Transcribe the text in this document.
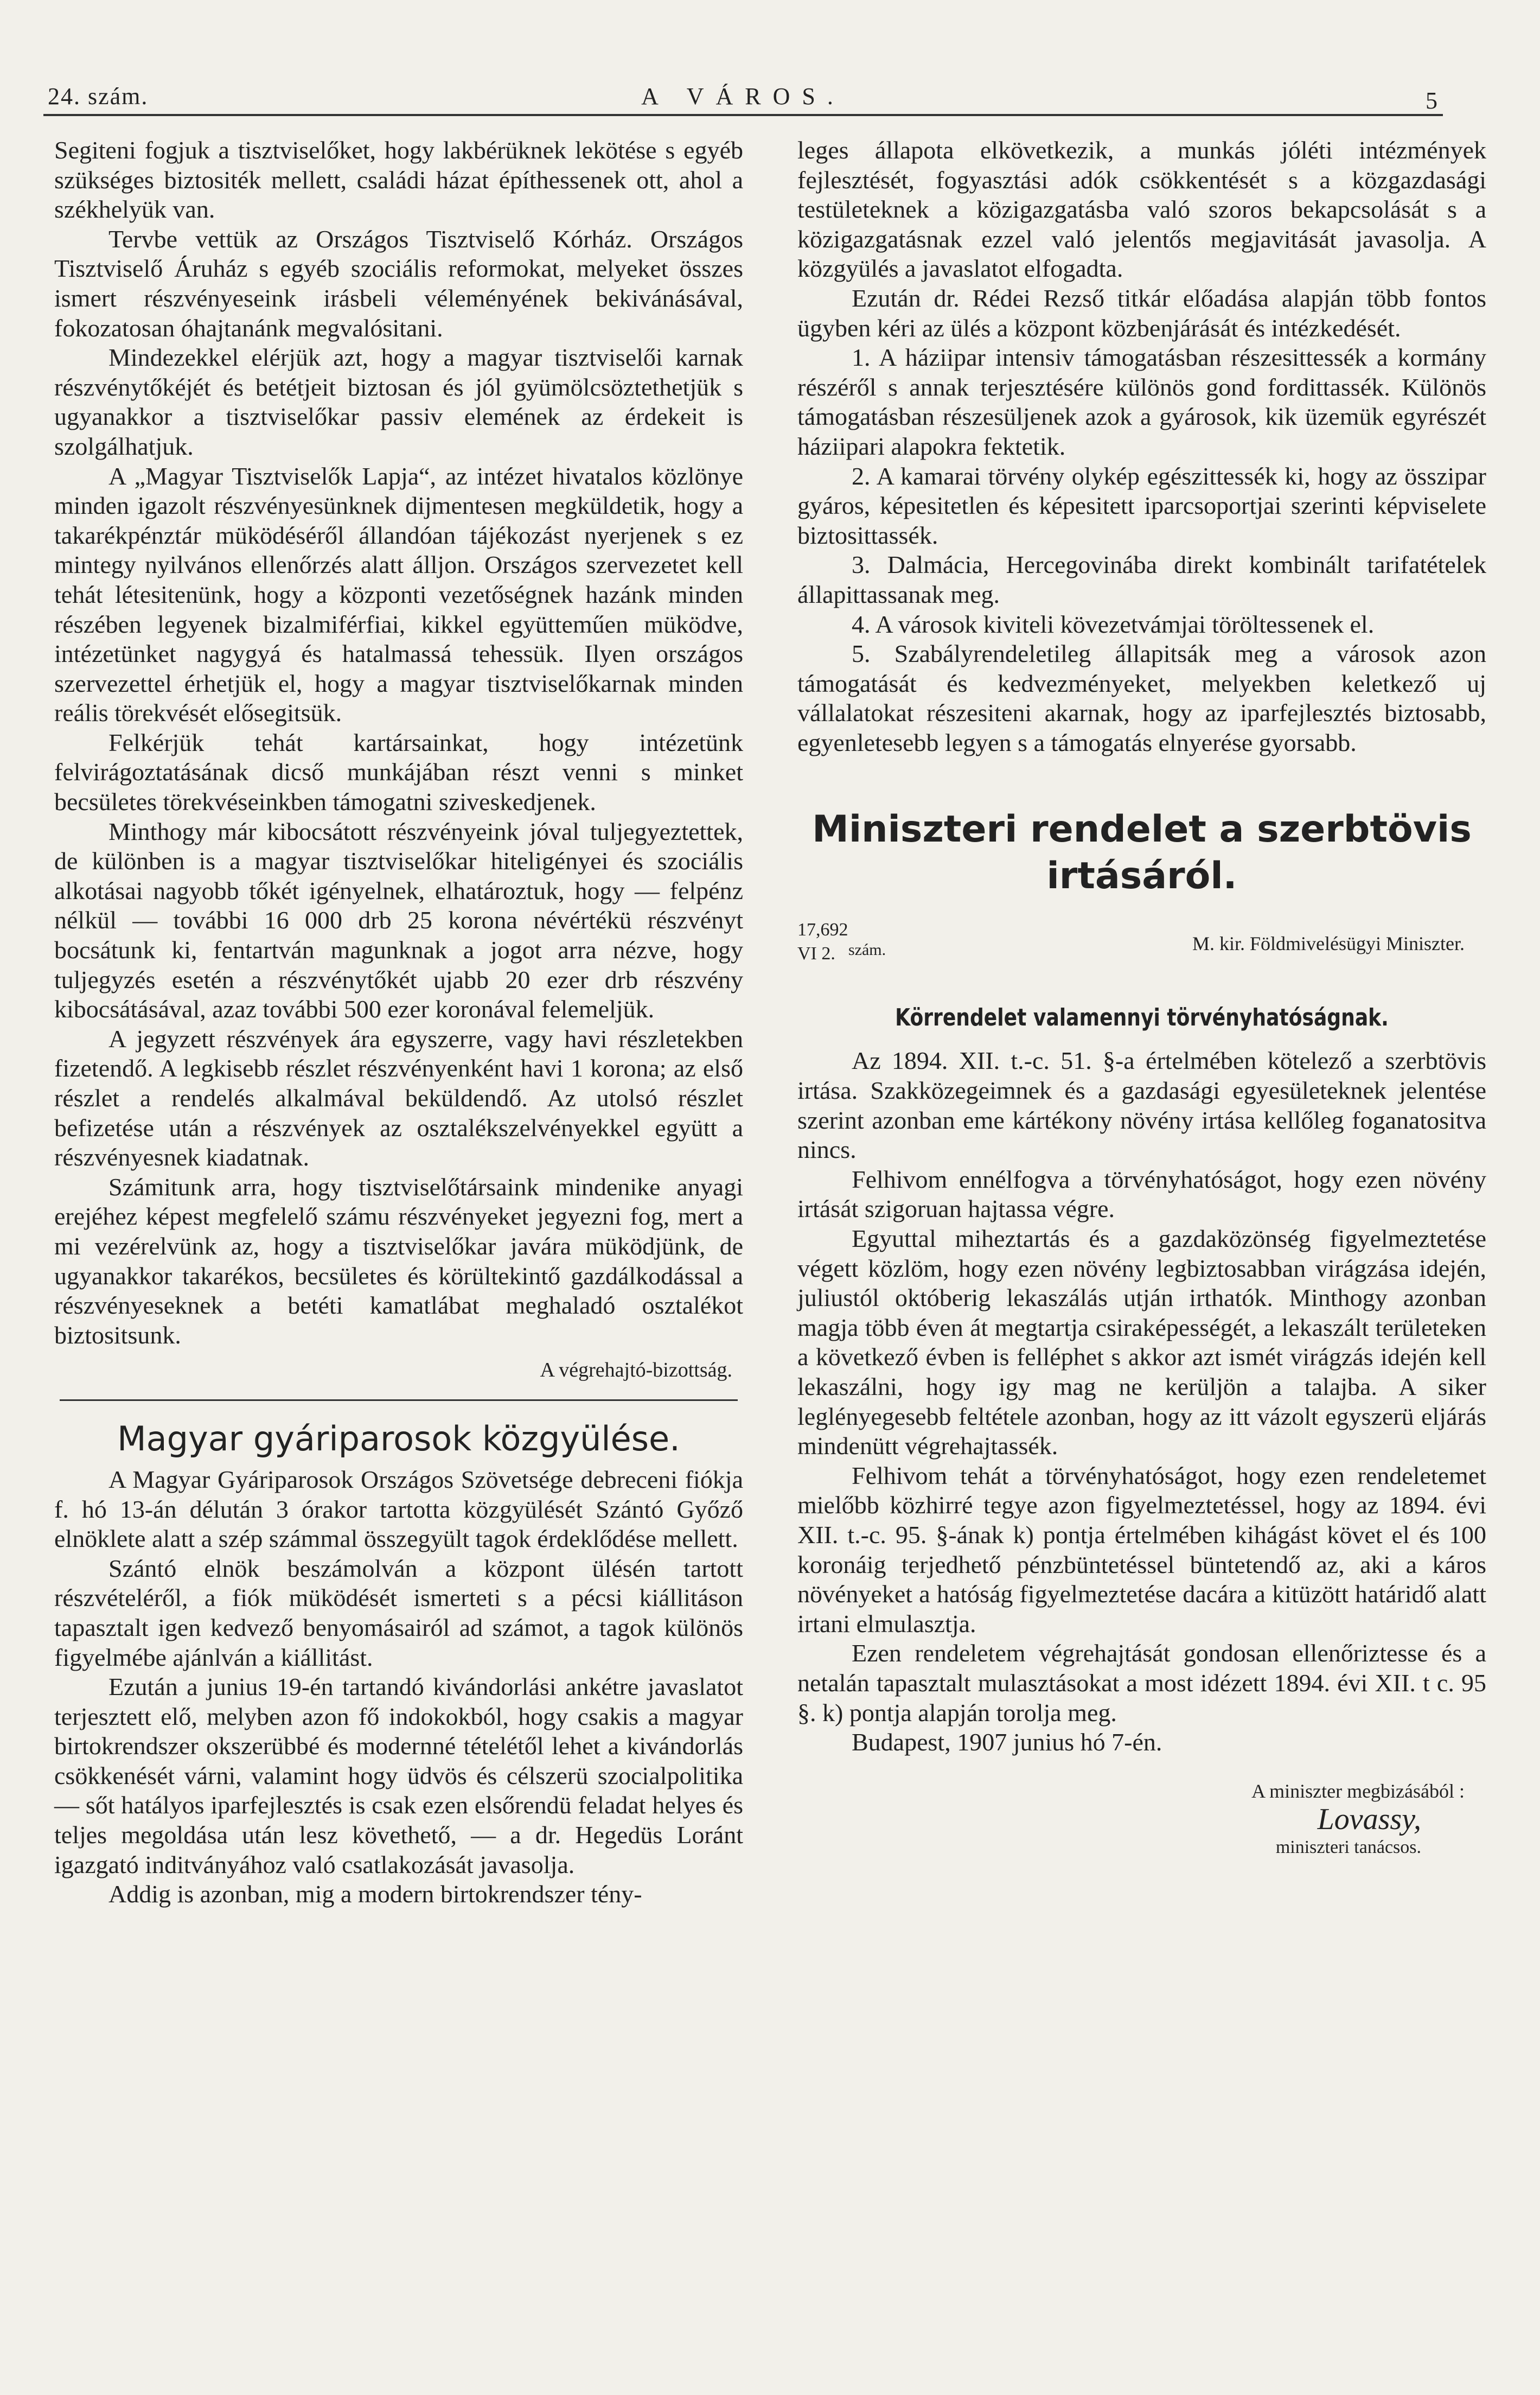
24. szám.	A VÁROS.	5

Segiteni fogjuk a tisztviselőket, hogy lakbérüknek lekötése s egyéb szükséges biztositék mellett, családi házat építhessenek ott, ahol a székhelyük van.

Tervbe vettük az Országos Tisztviselő Kórház. Országos Tisztviselő Áruház s egyéb szociális reformokat, melyeket összes ismert részvényeseink irásbeli véleményének bekivánásával, fokozatosan óhajtanánk megvalósitani.

Mindezekkel elérjük azt, hogy a magyar tisztviselői karnak részvénytőkéjét és betétjeit biztosan és jól gyümölcsöztethetjük s ugyanakkor a tisztviselőkar passiv elemének az érdekeit is szolgálhatjuk.

A „Magyar Tisztviselők Lapja“, az intézet hivatalos közlönye minden igazolt részvényesünknek dijmentesen megküldetik, hogy a takarékpénztár müködéséről állandóan tájékozást nyerjenek s ez mintegy nyilvános ellenőrzés alatt álljon. Országos szervezetet kell tehát létesitenünk, hogy a központi vezetőségnek hazánk minden részében legyenek bizalmiférfiai, kikkel együtteműen müködve, intézetünket nagygyá és hatalmassá tehessük. Ilyen országos szervezettel érhetjük el, hogy a magyar tisztviselőkarnak minden reális törekvését elősegitsük.

Felkérjük tehát kartársainkat, hogy intézetünk felvirágoztatásának dicső munkájában részt venni s minket becsületes törekvéseinkben támogatni sziveskedjenek.

Minthogy már kibocsátott részvényeink jóval tuljegyeztettek, de különben is a magyar tisztviselőkar hiteligényei és szociális alkotásai nagyobb tőkét igényelnek, elhatároztuk, hogy — felpénz nélkül — további 16 000 drb 25 korona névértékü részvényt bocsátunk ki, fentartván magunknak a jogot arra nézve, hogy tuljegyzés esetén a részvénytőkét ujabb 20 ezer drb részvény kibocsátásával, azaz további 500 ezer koronával felemeljük.

A jegyzett részvények ára egyszerre, vagy havi részletekben fizetendő. A legkisebb részlet részvényenként havi 1 korona; az első részlet a rendelés alkalmával beküldendő. Az utolsó részlet befizetése után a részvények az osztalékszelvényekkel együtt a részvényesnek kiadatnak.

Számitunk arra, hogy tisztviselőtársaink mindenike anyagi erejéhez képest megfelelő számu részvényeket jegyezni fog, mert a mi vezérelvünk az, hogy a tisztviselőkar javára müködjünk, de ugyanakkor takarékos, becsületes és körültekintő gazdálkodással a részvényeseknek a betéti kamatlábat meghaladó osztalékot biztositsunk.

A végrehajtó-bizottság.
Magyar gyáriparosok közgyülése.

A Magyar Gyáriparosok Országos Szövetsége debreceni fiókja f. hó 13-án délután 3 órakor tartotta közgyülését Szántó Győző elnöklete alatt a szép számmal összegyült tagok érdeklődése mellett.

Szántó elnök beszámolván a központ ülésén tartott részvételéről, a fiók müködését ismerteti s a pécsi kiállitáson tapasztalt igen kedvező benyomásairól ad számot, a tagok különös figyelmébe ajánlván a kiállitást.

Ezután a junius 19-én tartandó kivándorlási ankétre javaslatot terjesztett elő, melyben azon fő indokokból, hogy csakis a magyar birtokrendszer okszerübbé és modernné tételétől lehet a kivándorlás csökkenését várni, valamint hogy üdvös és célszerü szocialpolitika — sőt hatályos iparfejlesztés is csak ezen elsőrendü feladat helyes és teljes megoldása után lesz követhető, — a dr. Hegedüs Loránt igazgató inditványához való csatlakozását javasolja.

Addig is azonban, mig a modern birtokrendszer tény-

leges állapota elkövetkezik, a munkás jóléti intézmények fejlesztését, fogyasztási adók csökkentését s a közgazdasági testületeknek a közigazgatásba való szoros bekapcsolását s a közigazgatásnak ezzel való jelentős megjavitását javasolja. A közgyülés a javaslatot elfogadta.

Ezután dr. Rédei Rezső titkár előadása alapján több fontos ügyben kéri az ülés a központ közbenjárását és intézkedését.

1. A háziipar intensiv támogatásban részesittessék a kormány részéről s annak terjesztésére különös gond fordittassék. Különös támogatásban részesüljenek azok a gyárosok, kik üzemük egyrészét háziipari alapokra fektetik.

2. A kamarai törvény olykép egészittessék ki, hogy az összipar gyáros, képesitetlen és képesitett iparcsoportjai szerinti képviselete biztosittassék.

3. Dalmácia, Hercegovinába direkt kombinált tarifatételek állapittassanak meg.

4. A városok kiviteli kövezetvámjai töröltessenek el.

5. Szabályrendeletileg állapitsák meg a városok azon támogatását és kedvezményeket, melyekben keletkező uj vállalatokat részesiteni akarnak, hogy az iparfejlesztés biztosabb, egyenletesebb legyen s a támogatás elnyerése gyorsabb.

Miniszteri rendelet a szerbtövis irtásáról.
17,692
VI 2. szám.	M. kir. Földmivelésügyi Miniszter.
Körrendelet valamennyi törvényhatóságnak.

Az 1894. XII. t.-c. 51. §-a értelmében kötelező a szerbtövis irtása. Szakközegeimnek és a gazdasági egyesületeknek jelentése szerint azonban eme kártékony növény irtása kellőleg foganatositva nincs.

Felhivom ennélfogva a törvényhatóságot, hogy ezen növény irtását szigoruan hajtassa végre.

Egyuttal miheztartás és a gazdaközönség figyelmeztetése végett közlöm, hogy ezen növény legbiztosabban virágzása idején, juliustól októberig lekaszálás utján irthatók. Minthogy azonban magja több éven át megtartja csiraképességét, a lekaszált területeken a következő évben is felléphet s akkor azt ismét virágzás idején kell lekaszálni, hogy igy mag ne kerüljön a talajba. A siker leglényegesebb feltétele azonban, hogy az itt vázolt egyszerü eljárás mindenütt végrehajtassék.

Felhivom tehát a törvényhatóságot, hogy ezen rendeletemet mielőbb közhirré tegye azon figyelmeztetéssel, hogy az 1894. évi XII. t.-c. 95. §-ának k) pontja értelmében kihágást követ el és 100 koronáig terjedhető pénzbüntetéssel büntetendő az, aki a káros növényeket a hatóság figyelmeztetése dacára a kitüzött határidő alatt irtani elmulasztja.

Ezen rendeletem végrehajtását gondosan ellenőriztesse és a netalán tapasztalt mulasztásokat a most idézett 1894. évi XII. t c. 95 §. k) pontja alapján torolja meg.

Budapest, 1907 junius hó 7-én.

A miniszter megbizásából :
Lovassy,
miniszteri tanácsos.
